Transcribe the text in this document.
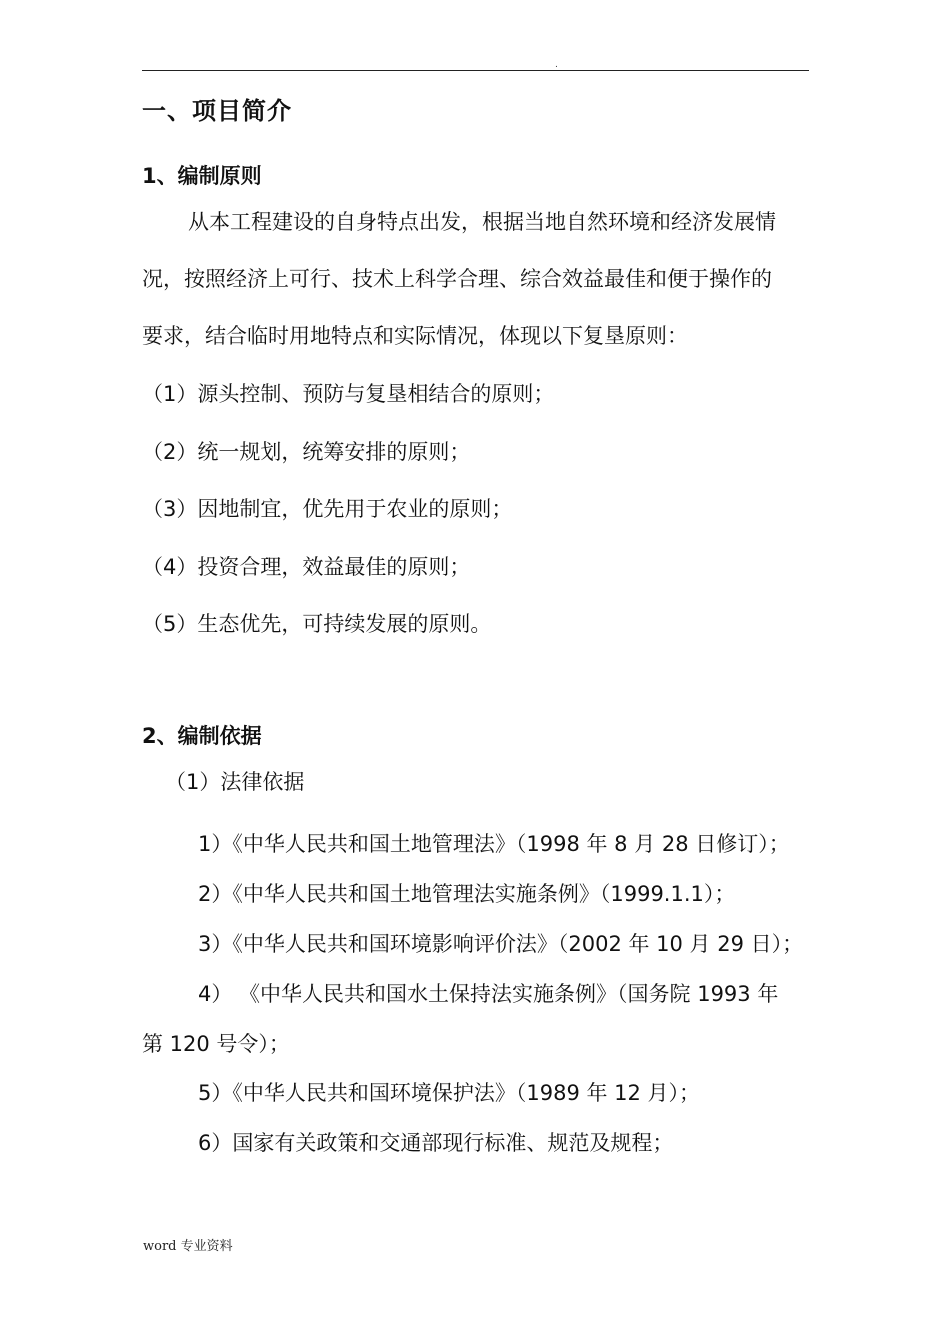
.
一、项目简介
1、编制原则
从本工程建设的自身特点出发，根据当地自然环境和经济发展情
况，按照经济上可行、技术上科学合理、综合效益最佳和便于操作的
要求，结合临时用地特点和实际情况，体现以下复垦原则：
（1）源头控制、预防与复垦相结合的原则；
（2）统一规划，统筹安排的原则；
（3）因地制宜，优先用于农业的原则；
（4）投资合理，效益最佳的原则；
（5）生态优先，可持续发展的原则。
2、编制依据
（1）法律依据
1）《中华人民共和国土地管理法》（1998 年 8 月 28 日修订）；
2）《中华人民共和国土地管理法实施条例》（1999.1.1）；
3）《中华人民共和国环境影响评价法》（2002 年 10 月 29 日）；
4） 《中华人民共和国水土保持法实施条例》（国务院 1993 年
第 120 号令）；
5）《中华人民共和国环境保护法》（1989 年 12 月）；
6）国家有关政策和交通部现行标准、规范及规程；
word 专业资料
